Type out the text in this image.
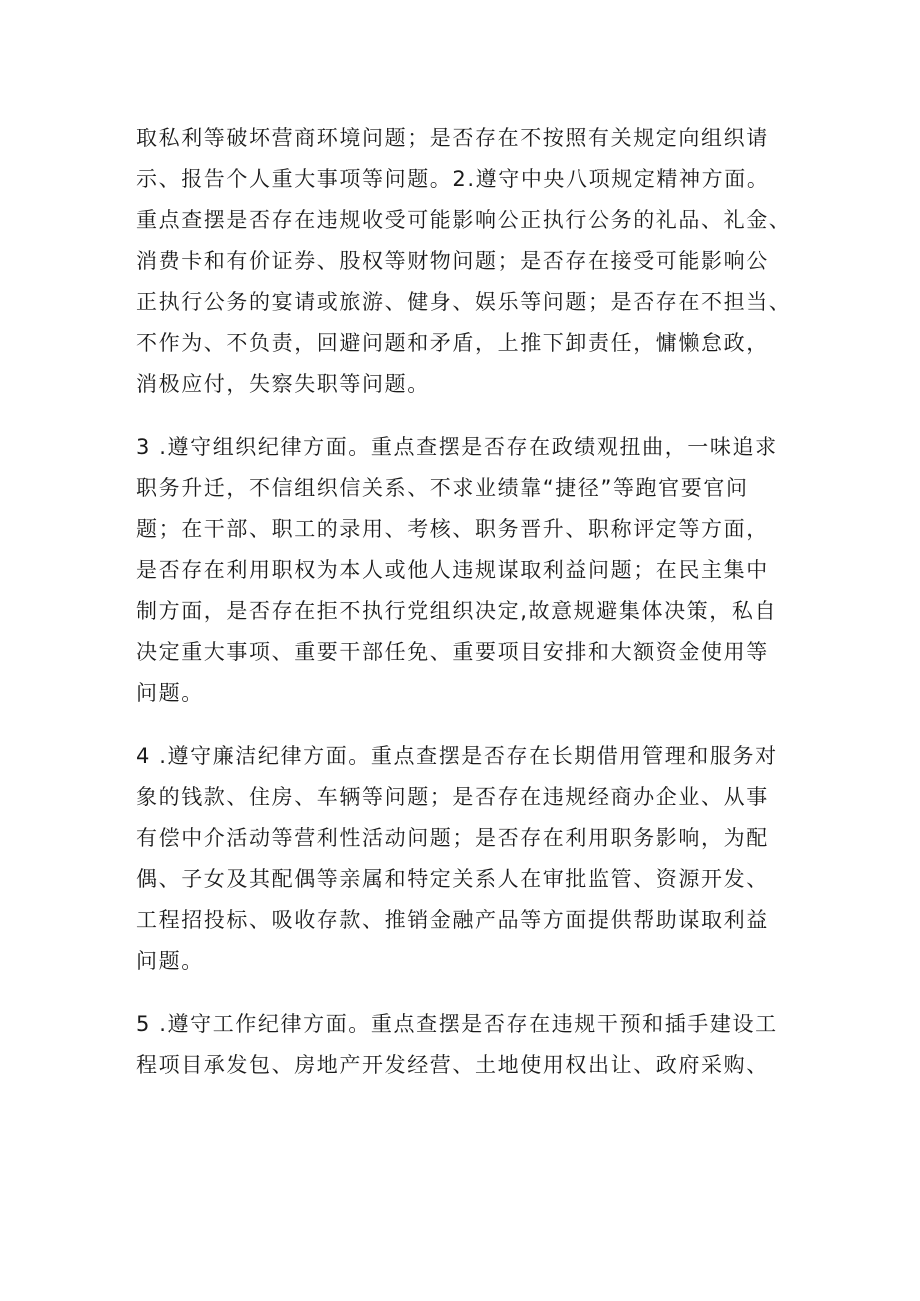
取私利等破坏营商环境问题；是否存在不按照有关规定向组织请
示、报告个人重大事项等问题。2.遵守中央八项规定精神方面。
重点查摆是否存在违规收受可能影响公正执行公务的礼品、礼金、
消费卡和有价证券、股权等财物问题；是否存在接受可能影响公
正执行公务的宴请或旅游、健身、娱乐等问题；是否存在不担当、
不作为、不负责，回避问题和矛盾，上推下卸责任，慵懒怠政，
消极应付，失察失职等问题。
3 .遵守组织纪律方面。重点查摆是否存在政绩观扭曲，一味追求
职务升迁，不信组织信关系、不求业绩靠“捷径”等跑官要官问
题；在干部、职工的录用、考核、职务晋升、职称评定等方面，
是否存在利用职权为本人或他人违规谋取利益问题；在民主集中
制方面，是否存在拒不执行党组织决定,故意规避集体决策，私自
决定重大事项、重要干部任免、重要项目安排和大额资金使用等
问题。
4 .遵守廉洁纪律方面。重点查摆是否存在长期借用管理和服务对
象的钱款、住房、车辆等问题；是否存在违规经商办企业、从事
有偿中介活动等营利性活动问题；是否存在利用职务影响，为配
偶、子女及其配偶等亲属和特定关系人在审批监管、资源开发、
工程招投标、吸收存款、推销金融产品等方面提供帮助谋取利益
问题。
5 .遵守工作纪律方面。重点查摆是否存在违规干预和插手建设工
程项目承发包、房地产开发经营、土地使用权出让、政府采购、
